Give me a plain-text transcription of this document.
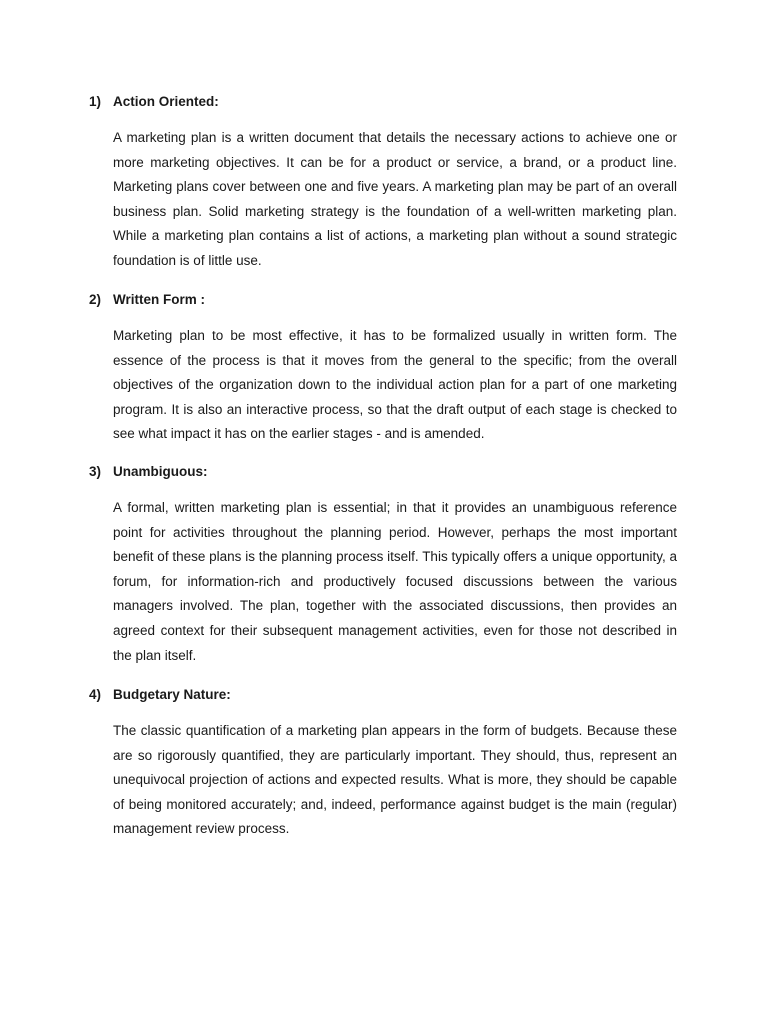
1) Action Oriented:

A marketing plan is a written document that details the necessary actions to achieve one or more marketing objectives. It can be for a product or service, a brand, or a product line. Marketing plans cover between one and five years. A marketing plan may be part of an overall business plan. Solid marketing strategy is the foundation of a well-written marketing plan. While a marketing plan contains a list of actions, a marketing plan without a sound strategic foundation is of little use.

2) Written Form :

Marketing plan to be most effective, it has to be formalized usually in written form. The essence of the process is that it moves from the general to the specific; from the overall objectives of the organization down to the individual action plan for a part of one marketing program. It is also an interactive process, so that the draft output of each stage is checked to see what impact it has on the earlier stages - and is amended.

3) Unambiguous:

A formal, written marketing plan is essential; in that it provides an unambiguous reference point for activities throughout the planning period. However, perhaps the most important benefit of these plans is the planning process itself. This typically offers a unique opportunity, a forum, for information-rich and productively focused discussions between the various managers involved. The plan, together with the associated discussions, then provides an agreed context for their subsequent management activities, even for those not described in the plan itself.

4) Budgetary Nature:

The classic quantification of a marketing plan appears in the form of budgets. Because these are so rigorously quantified, they are particularly important. They should, thus, represent an unequivocal projection of actions and expected results. What is more, they should be capable of being monitored accurately; and, indeed, performance against budget is the main (regular) management review process.
